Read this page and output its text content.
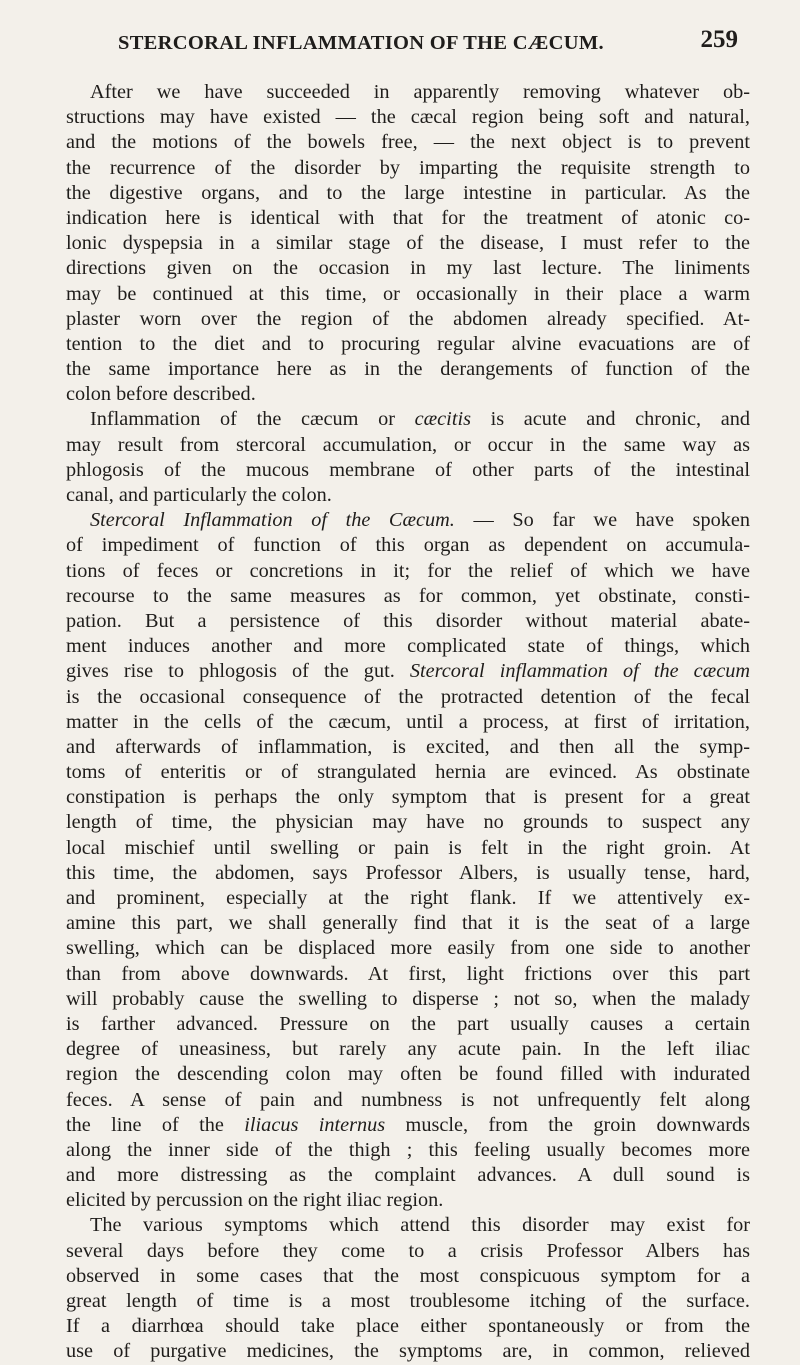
STERCORAL INFLAMMATION OF THE CÆCUM.	259
After we have succeeded in apparently removing whatever ob-
structions may have existed — the cæcal region being soft and natural,
and the motions of the bowels free, — the next object is to prevent
the recurrence of the disorder by imparting the requisite strength to
the digestive organs, and to the large intestine in particular. As the
indication here is identical with that for the treatment of atonic co-
lonic dyspepsia in a similar stage of the disease, I must refer to the
directions given on the occasion in my last lecture. The liniments
may be continued at this time, or occasionally in their place a warm
plaster worn over the region of the abdomen already specified. At-
tention to the diet and to procuring regular alvine evacuations are of
the same importance here as in the derangements of function of the
colon before described.
Inflammation of the cæcum or cæcitis is acute and chronic, and
may result from stercoral accumulation, or occur in the same way as
phlogosis of the mucous membrane of other parts of the intestinal
canal, and particularly the colon.
Stercoral Inflammation of the Cæcum. — So far we have spoken
of impediment of function of this organ as dependent on accumula-
tions of feces or concretions in it; for the relief of which we have
recourse to the same measures as for common, yet obstinate, consti-
pation. But a persistence of this disorder without material abate-
ment induces another and more complicated state of things, which
gives rise to phlogosis of the gut. Stercoral inflammation of the cæcum
is the occasional consequence of the protracted detention of the fecal
matter in the cells of the cæcum, until a process, at first of irritation,
and afterwards of inflammation, is excited, and then all the symp-
toms of enteritis or of strangulated hernia are evinced. As obstinate
constipation is perhaps the only symptom that is present for a great
length of time, the physician may have no grounds to suspect any
local mischief until swelling or pain is felt in the right groin. At
this time, the abdomen, says Professor Albers, is usually tense, hard,
and prominent, especially at the right flank. If we attentively ex-
amine this part, we shall generally find that it is the seat of a large
swelling, which can be displaced more easily from one side to another
than from above downwards. At first, light frictions over this part
will probably cause the swelling to disperse ; not so, when the malady
is farther advanced. Pressure on the part usually causes a certain
degree of uneasiness, but rarely any acute pain. In the left iliac
region the descending colon may often be found filled with indurated
feces. A sense of pain and numbness is not unfrequently felt along
the line of the iliacus internus muscle, from the groin downwards
along the inner side of the thigh ; this feeling usually becomes more
and more distressing as the complaint advances. A dull sound is
elicited by percussion on the right iliac region.
The various symptoms which attend this disorder may exist for
several days before they come to a crisis Professor Albers has
observed in some cases that the most conspicuous symptom for a
great length of time is a most troublesome itching of the surface.
If a diarrhœa should take place either spontaneously or from the
use of purgative medicines, the symptoms are, in common, relieved
